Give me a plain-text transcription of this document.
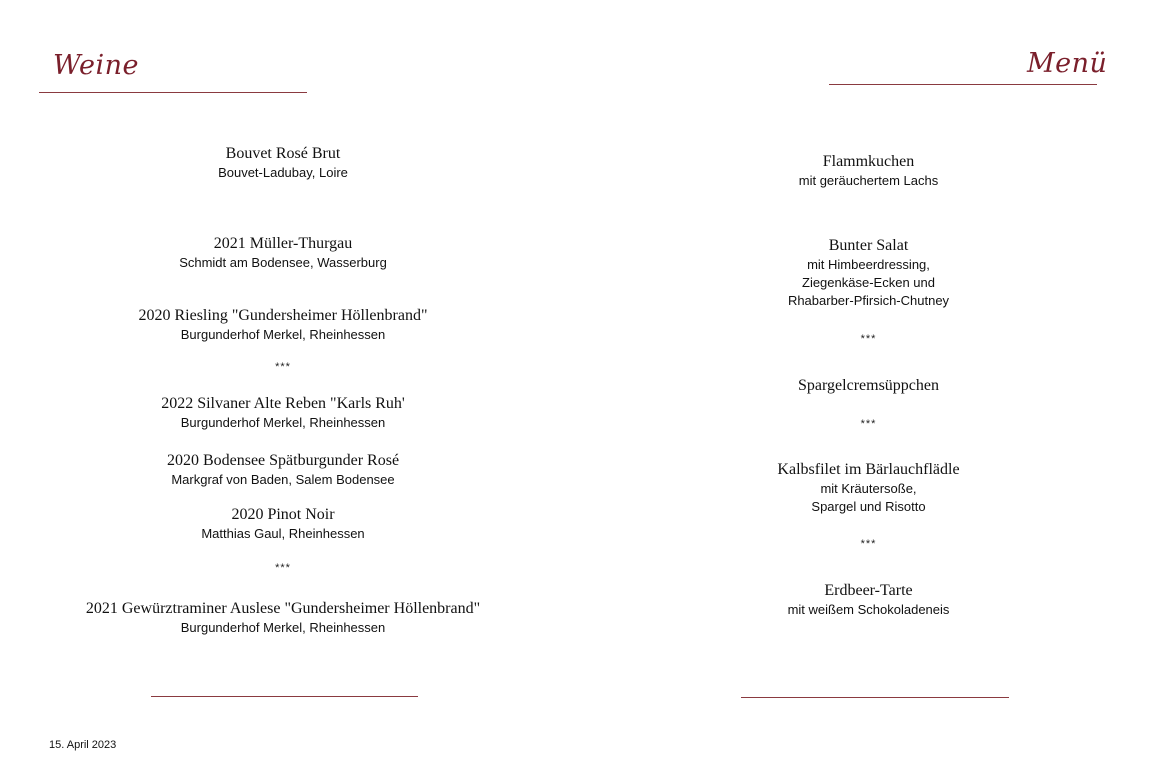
Weine	Menü
Bouvet Rosé Brut
Bouvet-Ladubay, Loire
2021 Müller-Thurgau
Schmidt am Bodensee, Wasserburg
2020 Riesling "Gundersheimer Höllenbrand"
Burgunderhof Merkel, Rheinhessen
***
2022 Silvaner Alte Reben "Karls Ruh'
Burgunderhof Merkel, Rheinhessen
2020 Bodensee Spätburgunder Rosé
Markgraf von Baden, Salem Bodensee
2020 Pinot Noir
Matthias Gaul, Rheinhessen
***
2021 Gewürztraminer Auslese "Gundersheimer Höllenbrand"
Burgunderhof Merkel, Rheinhessen
Flammkuchen
mit geräuchertem Lachs
Bunter Salat
mit Himbeerdressing,
Ziegenkäse-Ecken und
Rhabarber-Pfirsich-Chutney
***
Spargelcremsüppchen
***
Kalbsfilet im Bärlauchflädle
mit Kräutersoße,
Spargel und Risotto
***
Erdbeer-Tarte
mit weißem Schokoladeneis
15. April 2023
